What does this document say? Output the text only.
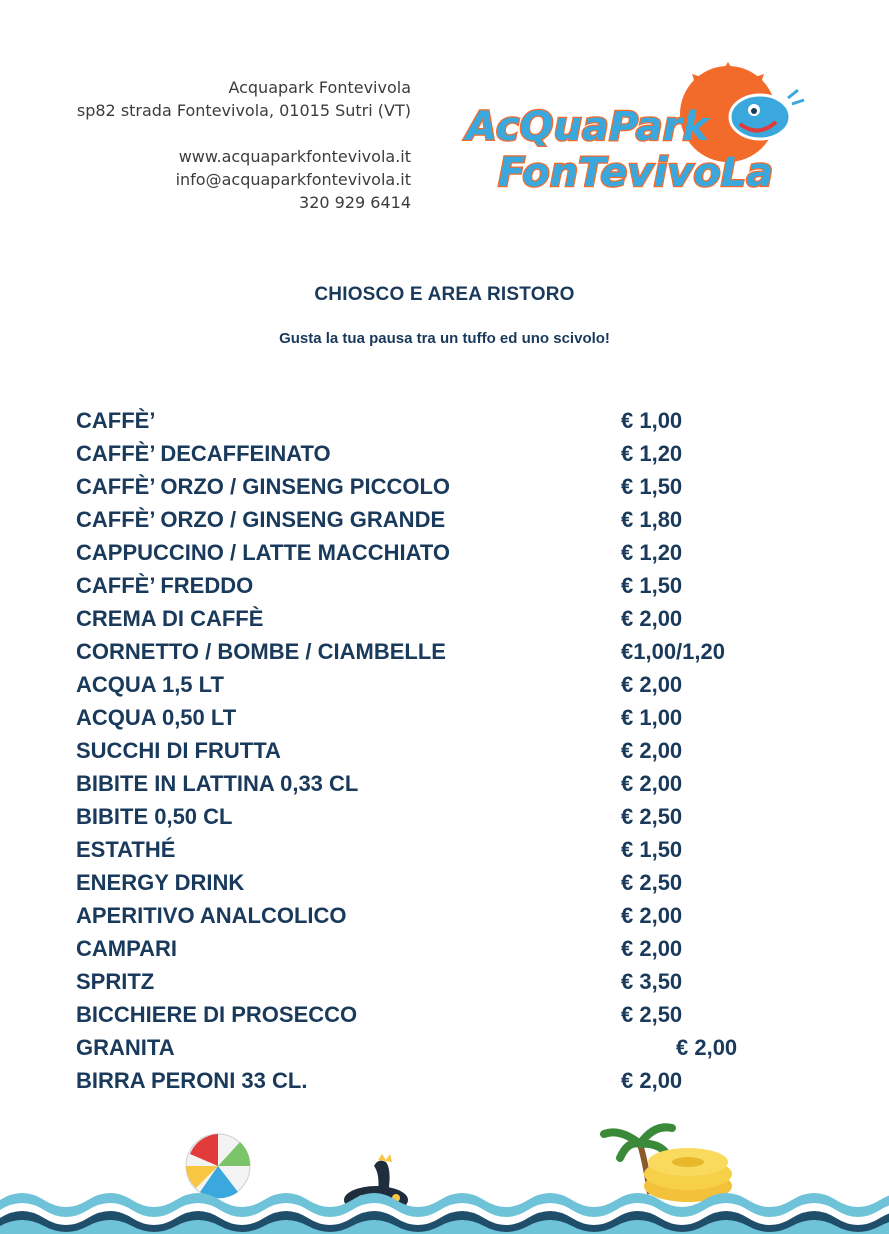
Acquapark Fontevivola
sp82 strada Fontevivola, 01015 Sutri (VT)
www.acquaparkfontevivola.it
info@acquaparkfontevivola.it
320 929 6414
AcQuaPark
FonTevivoLa
CHIOSCO E AREA RISTORO
Gusta la tua pausa tra un tuffo ed uno scivolo!
CAFFÈ’	€ 1,00
CAFFÈ’ DECAFFEINATO	€ 1,20
CAFFÈ’ ORZO / GINSENG PICCOLO	€ 1,50
CAFFÈ’ ORZO / GINSENG GRANDE	€ 1,80
CAPPUCCINO / LATTE MACCHIATO	€ 1,20
CAFFÈ’ FREDDO	€ 1,50
CREMA DI CAFFÈ	€ 2,00
CORNETTO / BOMBE / CIAMBELLE	€1,00/1,20
ACQUA 1,5 LT	€ 2,00
ACQUA 0,50 LT	€ 1,00
SUCCHI DI FRUTTA	€ 2,00
BIBITE IN LATTINA 0,33 CL	€ 2,00
BIBITE 0,50 CL	€ 2,50
ESTATHÉ	€ 1,50
ENERGY DRINK	€ 2,50
APERITIVO ANALCOLICO	€ 2,00
CAMPARI	€ 2,00
SPRITZ	€ 3,50
BICCHIERE DI PROSECCO	€ 2,50
GRANITA	€ 2,00
BIRRA PERONI 33 CL.	€ 2,00
